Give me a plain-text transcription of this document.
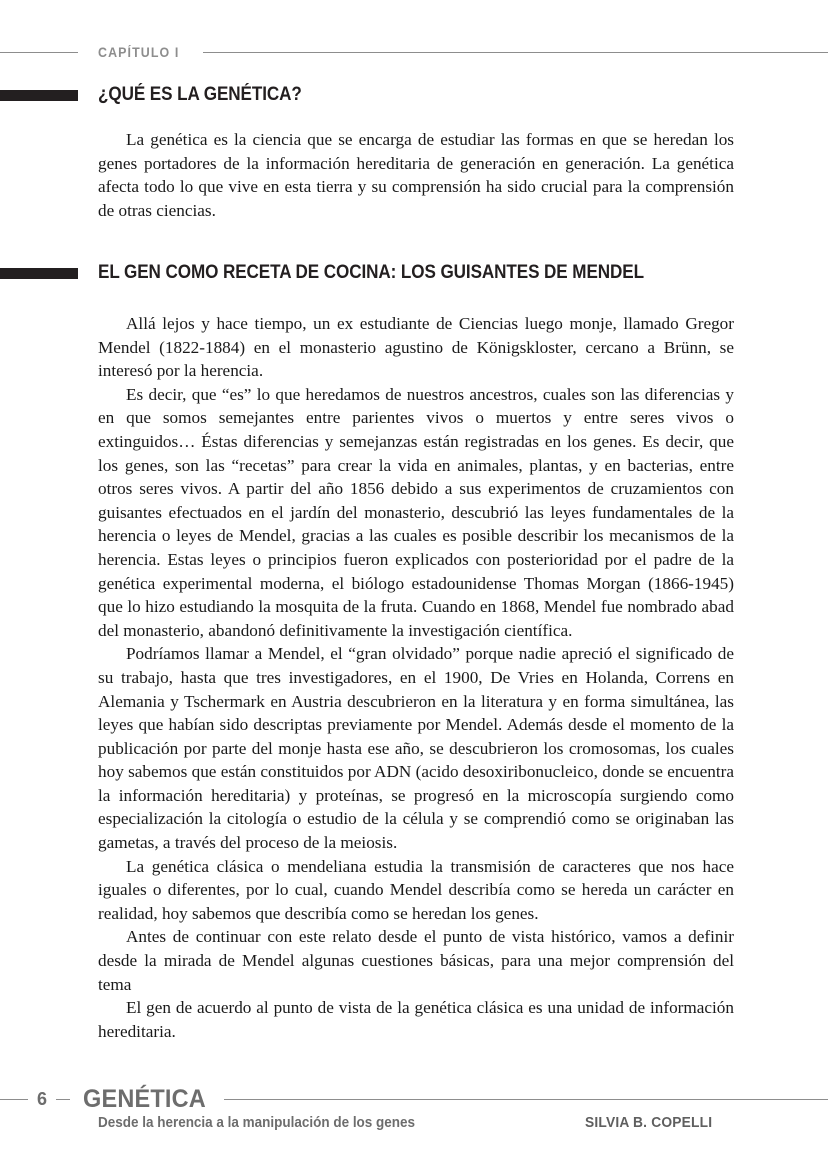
CAPÍTULO I
¿QUÉ ES LA GENÉTICA?

La genética es la ciencia que se encarga de estudiar las formas en que se heredan los genes portadores de la información hereditaria de generación en generación. La genética afecta todo lo que vive en esta tierra y su comprensión ha sido crucial para la comprensión de otras ciencias.

EL GEN COMO RECETA DE COCINA: LOS GUISANTES DE MENDEL

Allá lejos y hace tiempo, un ex estudiante de Ciencias luego monje, llamado Gregor Mendel (1822-1884) en el monasterio agustino de Königskloster, cercano a Brünn, se interesó por la herencia.

Es decir, que “es” lo que heredamos de nuestros ancestros, cuales son las diferencias y en que somos semejantes entre parientes vivos o muertos y entre seres vivos o extinguidos… Éstas diferencias y semejanzas están registradas en los genes. Es decir, que los genes, son las “recetas” para crear la vida en animales, plantas, y en bacterias, entre otros seres vivos. A partir del año 1856 debido a sus experimentos de cruzamientos con guisantes efectuados en el jardín del monasterio, descubrió las leyes fundamentales de la herencia o leyes de Mendel, gracias a las cuales es posible describir los mecanismos de la herencia. Estas leyes o principios fueron explicados con posterioridad por el padre de la genética experimental moderna, el biólogo estadounidense Thomas Morgan (1866-1945) que lo hizo estudiando la mosquita de la fruta. Cuando en 1868, Mendel fue nombrado abad del monasterio, abandonó definitivamente la investigación científica.

Podríamos llamar a Mendel, el “gran olvidado” porque nadie apreció el significado de su trabajo, hasta que tres investigadores, en el 1900, De Vries en Holanda, Correns en Alemania y Tschermark en Austria descubrieron en la literatura y en forma simultánea, las leyes que habían sido descriptas previamente por Mendel. Además desde el momento de la publicación por parte del monje hasta ese año, se descubrieron los cromosomas, los cuales hoy sabemos que están constituidos por ADN (acido desoxiribonucleico, donde se encuentra la información hereditaria) y proteínas, se progresó en la microscopía surgiendo como especialización la citología o estudio de la célula y se comprendió como se originaban las gametas, a través del proceso de la meiosis.

La genética clásica o mendeliana estudia la transmisión de caracteres que nos hace iguales o diferentes, por lo cual, cuando Mendel describía como se hereda un carácter en realidad, hoy sabemos que describía como se heredan los genes.

Antes de continuar con este relato desde el punto de vista histórico, vamos a definir desde la mirada de Mendel algunas cuestiones básicas, para una mejor comprensión del tema

El gen de acuerdo al punto de vista de la genética clásica es una unidad de información hereditaria.

6 GENÉTICA
Desde la herencia a la manipulación de los genes	SILVIA B. COPELLI
